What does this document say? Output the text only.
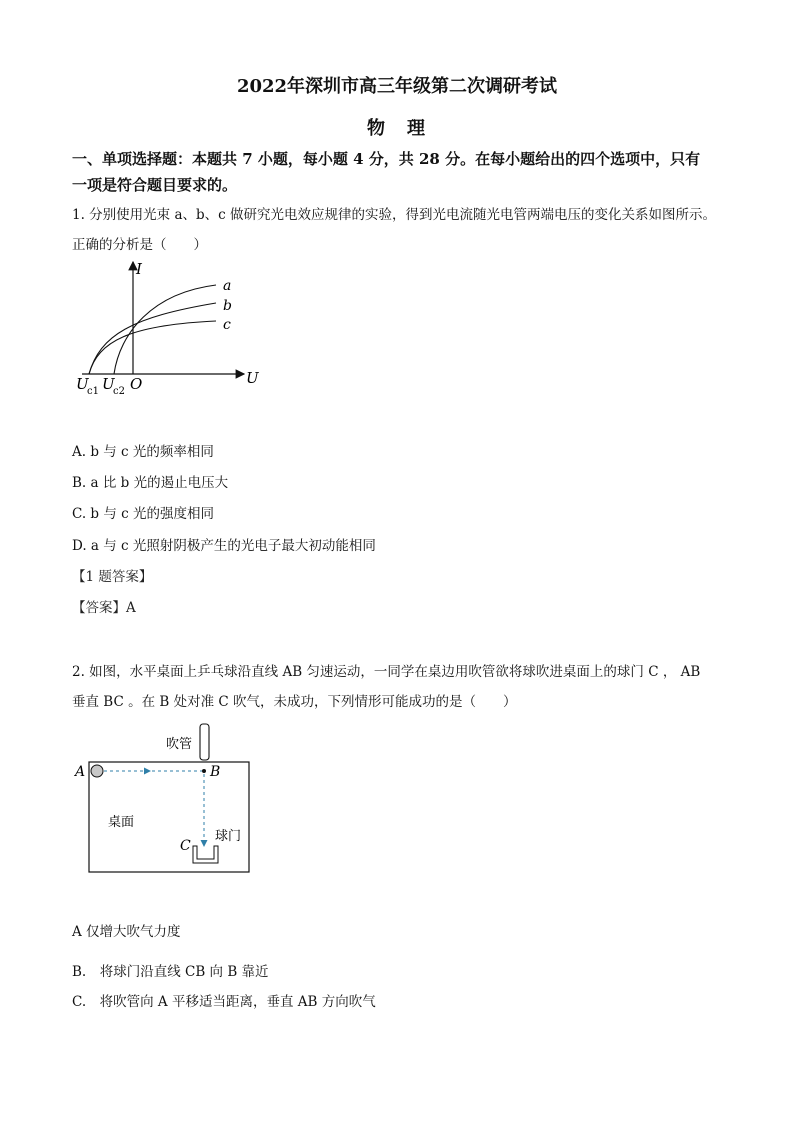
2022年深圳市高三年级第二次调研考试
物　理
一、单项选择题：本题共 7 小题，每小题 4 分，共 28 分。在每小题给出的四个选项中，只有
一项是符合题目要求的。
1. 分别使用光束 a、b、c 做研究光电效应规律的实验，得到光电流随光电管两端电压的变化关系如图所示。
正确的分析是（　　）
I
U
a
b
c
U
c1 U
c2 O
A. b 与 c 光的频率相同
B. a 比 b 光的遏止电压大
C. b 与 c 光的强度相同
D. a 与 c 光照射阴极产生的光电子最大初动能相同
【1 题答案】
【答案】A
2. 如图，水平桌面上乒乓球沿直线 AB 匀速运动，一同学在桌边用吹管欲将球吹进桌面上的球门 C ， AB
垂直 BC 。在 B 处对准 C 吹气，未成功，下列情形可能成功的是（　　）
吹管
A	B
C
桌面
球门
A 仅增大吹气力度
B.　将球门沿直线 CB 向 B 靠近
C.　将吹管向 A 平移适当距离，垂直 AB 方向吹气
